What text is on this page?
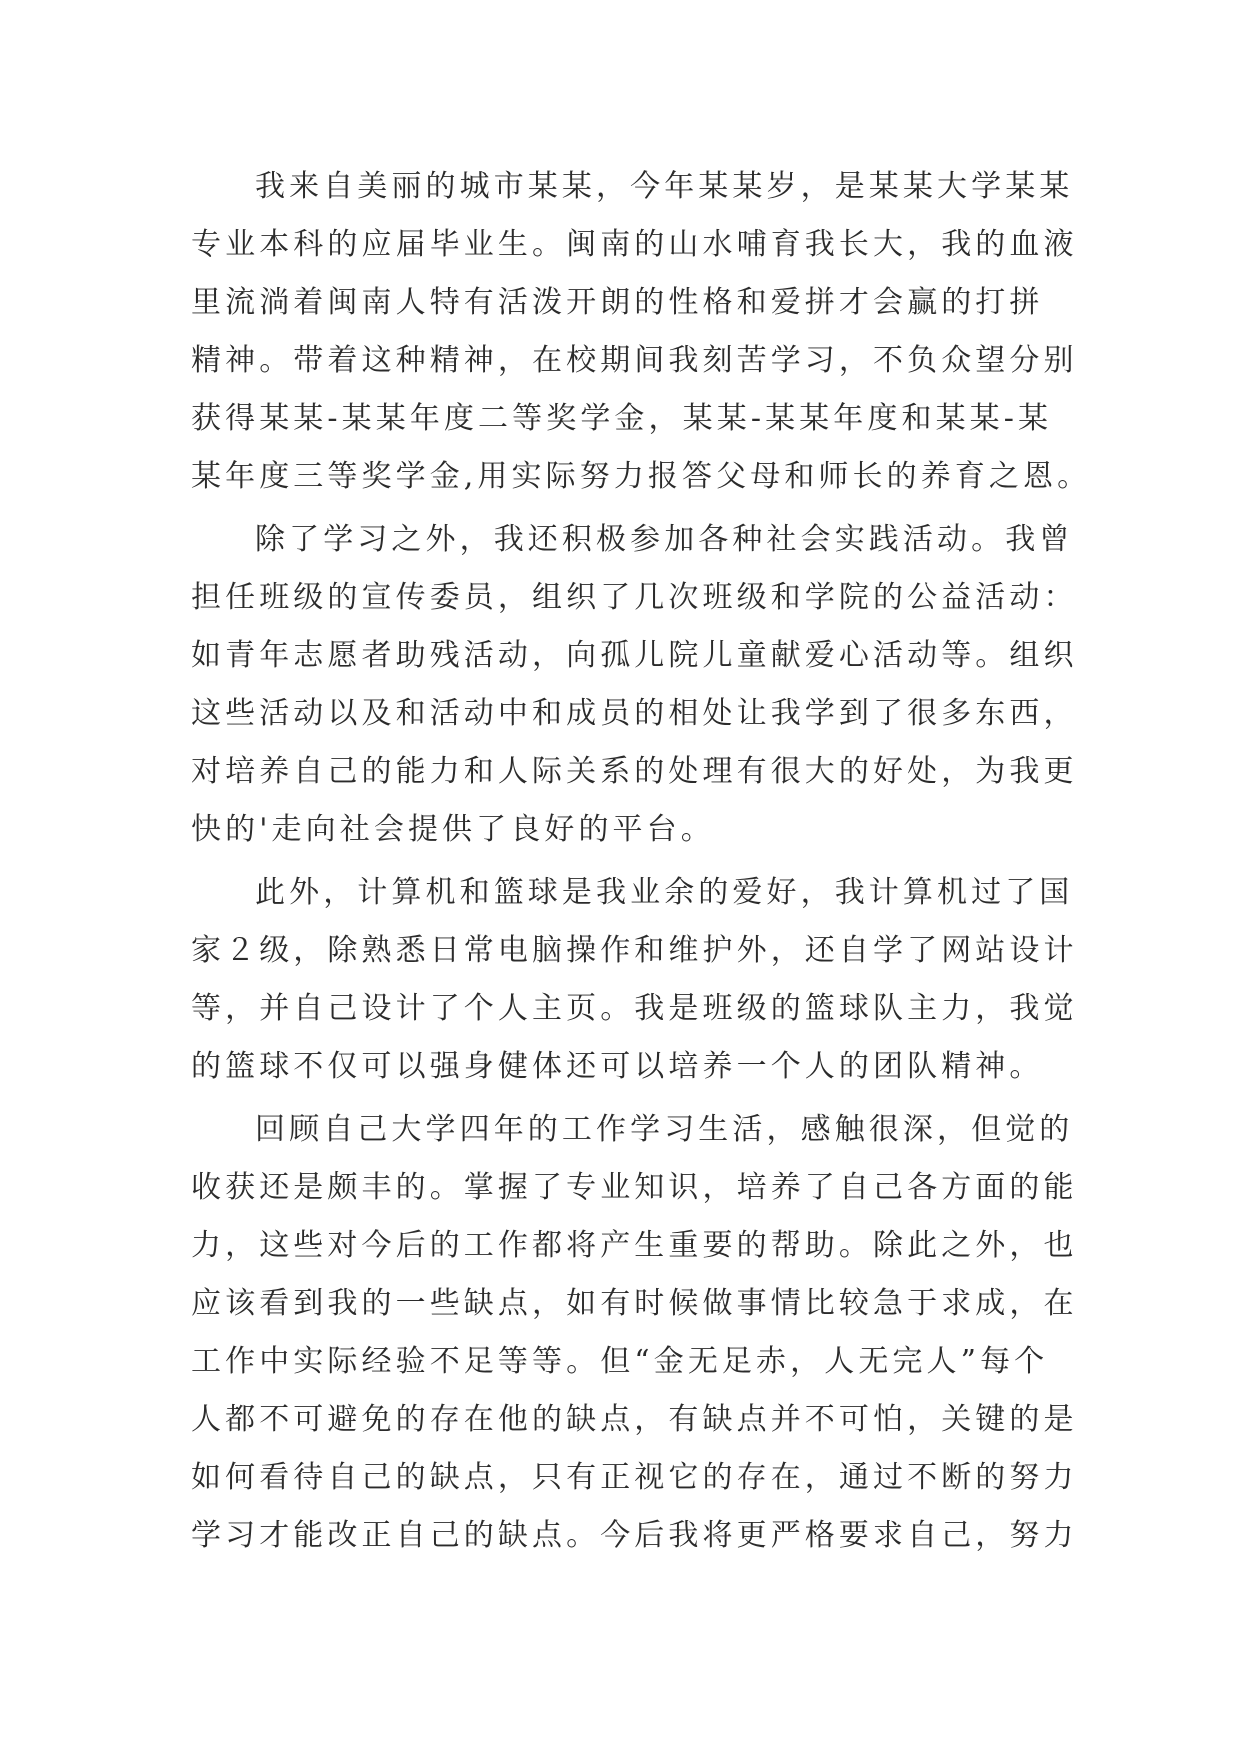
我来自美丽的城市某某，今年某某岁，是某某大学某某
专业本科的应届毕业生。闽南的山水哺育我长大，我的血液
里流淌着闽南人特有活泼开朗的性格和爱拼才会赢的打拼
精神。带着这种精神，在校期间我刻苦学习，不负众望分别
获得某某-某某年度二等奖学金，某某-某某年度和某某-某
某年度三等奖学金,用实际努力报答父母和师长的养育之恩。
除了学习之外，我还积极参加各种社会实践活动。我曾
担任班级的宣传委员，组织了几次班级和学院的公益活动：
如青年志愿者助残活动，向孤儿院儿童献爱心活动等。组织
这些活动以及和活动中和成员的相处让我学到了很多东西，
对培养自己的能力和人际关系的处理有很大的好处，为我更
快的'走向社会提供了良好的平台。
此外，计算机和篮球是我业余的爱好，我计算机过了国
家２级，除熟悉日常电脑操作和维护外，还自学了网站设计
等，并自己设计了个人主页。我是班级的篮球队主力，我觉
的篮球不仅可以强身健体还可以培养一个人的团队精神。
回顾自己大学四年的工作学习生活，感触很深，但觉的
收获还是颇丰的。掌握了专业知识，培养了自己各方面的能
力，这些对今后的工作都将产生重要的帮助。除此之外，也
应该看到我的一些缺点，如有时候做事情比较急于求成，在
工作中实际经验不足等等。但“金无足赤，人无完人”每个
人都不可避免的存在他的缺点，有缺点并不可怕，关键的是
如何看待自己的缺点，只有正视它的存在，通过不断的努力
学习才能改正自己的缺点。今后我将更严格要求自己，努力
